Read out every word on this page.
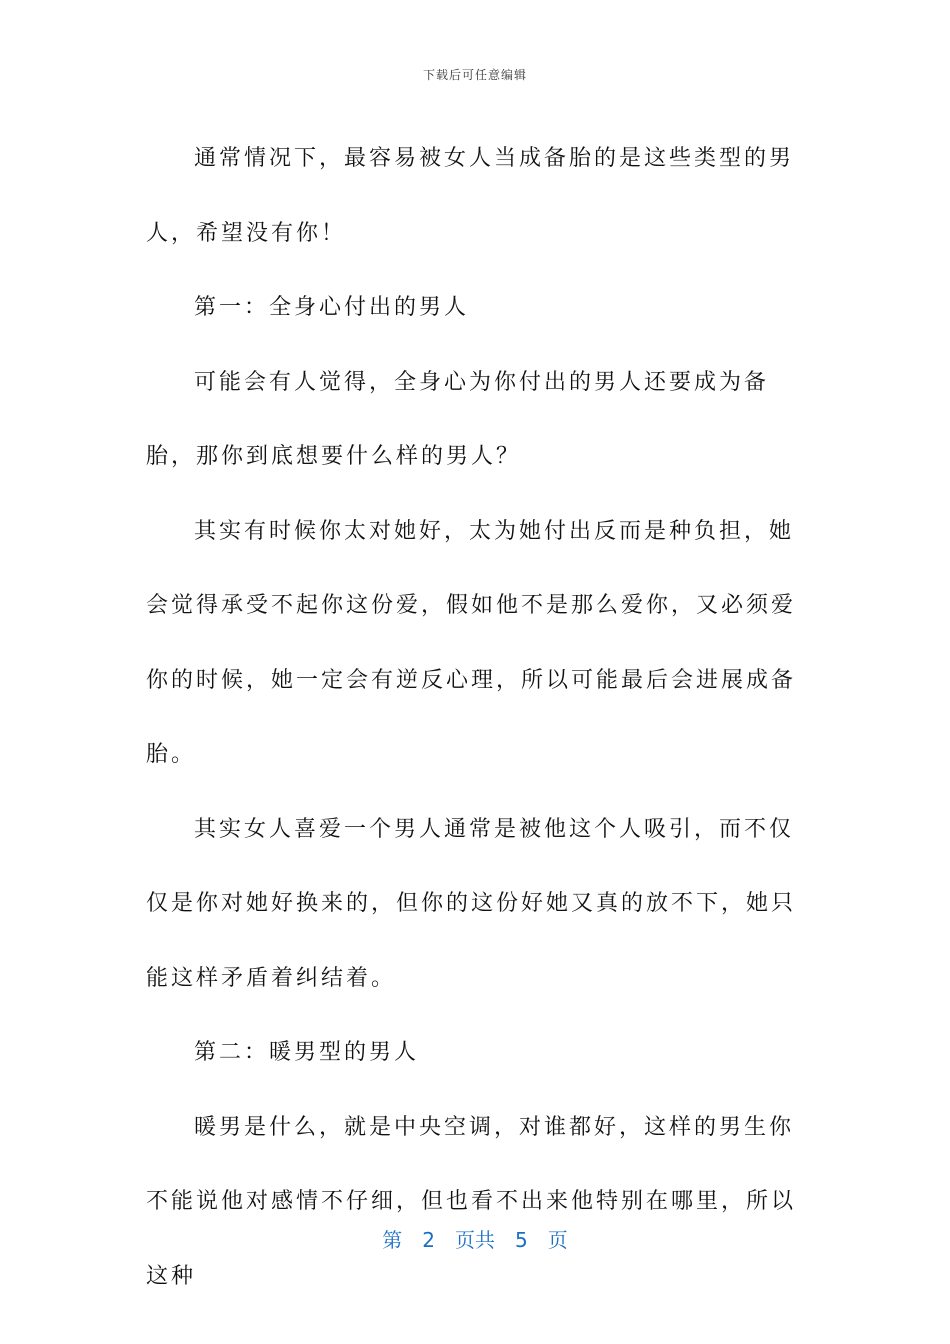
下载后可任意编辑

通常情况下，最容易被女人当成备胎的是这些类型的男人，希望没有你！

第一：全身心付出的男人

可能会有人觉得，全身心为你付出的男人还要成为备胎，那你到底想要什么样的男人？

其实有时候你太对她好，太为她付出反而是种负担，她会觉得承受不起你这份爱，假如他不是那么爱你，又必须爱你的时候，她一定会有逆反心理，所以可能最后会进展成备胎。

其实女人喜爱一个男人通常是被他这个人吸引，而不仅仅是你对她好换来的，但你的这份好她又真的放不下，她只能这样矛盾着纠结着。

第二：暖男型的男人

暖男是什么，就是中央空调，对谁都好，这样的男生你不能说他对感情不仔细，但也看不出来他特别在哪里，所以这种

第 2 页共 5 页
